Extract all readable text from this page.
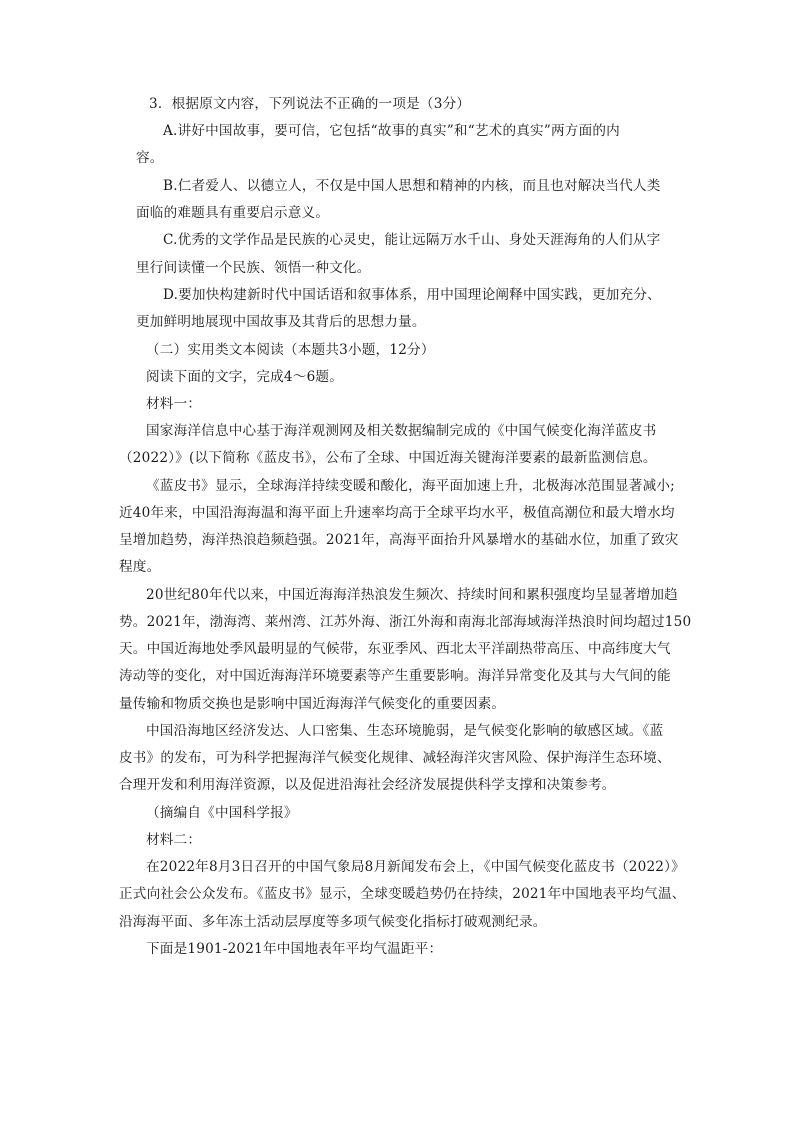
3．根据原文内容，下列说法不正确的一项是（3分）
A.讲好中国故事，要可信，它包括“故事的真实”和“艺术的真实”两方面的内
容。
B.仁者爱人、以德立人，不仅是中国人思想和精神的内核，而且也对解决当代人类
面临的难题具有重要启示意义。
C.优秀的文学作品是民族的心灵史，能让远隔万水千山、身处天涯海角的人们从字
里行间读懂一个民族、领悟一种文化。
D.要加快构建新时代中国话语和叙事体系，用中国理论阐释中国实践，更加充分、
更加鲜明地展现中国故事及其背后的思想力量。
（二）实用类文本阅读（本题共3小题，12分）
阅读下面的文字，完成4～6题。
材料一：
国家海洋信息中心基于海洋观测网及相关数据编制完成的《中国气候变化海洋蓝皮书
（2022）》(以下简称《蓝皮书》，公布了全球、中国近海关键海洋要素的最新监测信息。
《蓝皮书》显示，全球海洋持续变暖和酸化，海平面加速上升，北极海冰范围显著减小;
近40年来，中国沿海海温和海平面上升速率均高于全球平均水平，极值高潮位和最大增水均
呈增加趋势，海洋热浪趋频趋强。2021年，高海平面抬升风暴增水的基础水位，加重了致灾
程度。
20世纪80年代以来，中国近海海洋热浪发生频次、持续时间和累积强度均呈显著增加趋
势。2021年，渤海湾、莱州湾、江苏外海、浙江外海和南海北部海域海洋热浪时间均超过150
天。中国近海地处季风最明显的气候带，东亚季风、西北太平洋副热带高压、中高纬度大气
涛动等的变化，对中国近海海洋环境要素等产生重要影响。海洋异常变化及其与大气间的能
量传输和物质交换也是影响中国近海海洋气候变化的重要因素。
中国沿海地区经济发达、人口密集、生态环境脆弱，是气候变化影响的敏感区域。《蓝
皮书》的发布，可为科学把握海洋气候变化规律、减轻海洋灾害风险、保护海洋生态环境、
合理开发和利用海洋资源，以及促进沿海社会经济发展提供科学支撑和决策参考。
（摘编自《中国科学报》
材料二：
在2022年8月3日召开的中国气象局8月新闻发布会上，《中国气候变化蓝皮书（2022）》
正式向社会公众发布。《蓝皮书》显示，全球变暖趋势仍在持续，2021年中国地表平均气温、
沿海海平面、多年冻土活动层厚度等多项气候变化指标打破观测纪录。
下面是1901-2021年中国地表年平均气温距平：
